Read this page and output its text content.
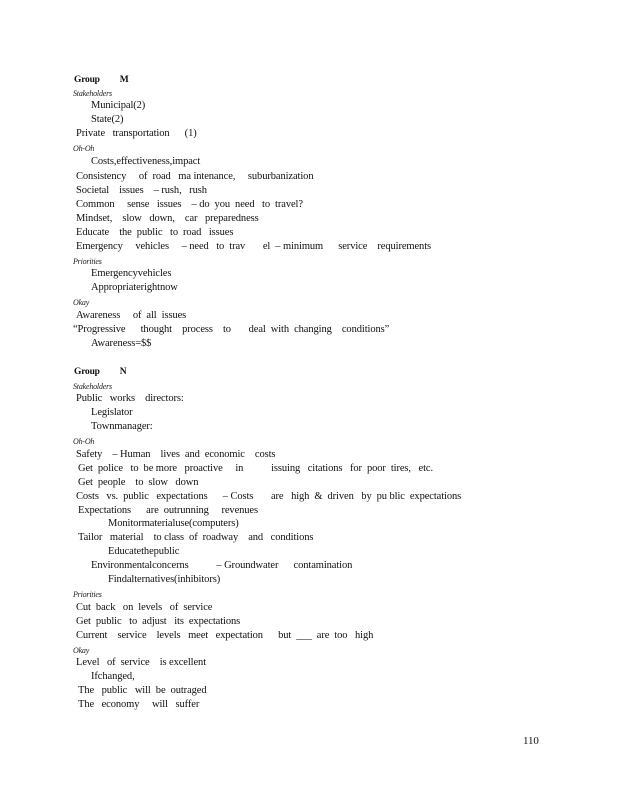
Group M
Stakeholders
Municipal(2)
State(2)
Private   transportation      (1)
Oh-Oh
Costs,effectiveness,impact
Consistency     of  road   ma intenance,     suburbanization
Societal    issues    – rush,   rush
Common     sense   issues    – do  you  need   to  travel?
Mindset,    slow   down,    car   preparedness
Educate    the  public   to  road   issues
Emergency     vehicles     – need   to  trav       el  – minimum      service    requirements
Priorities
Emergencyvehicles
Appropriaterightnow
Okay
Awareness     of  all  issues
“Progressive      thought    process    to       deal  with  changing    conditions”
Awareness=$$
Group N
Stakeholders
Public   works    directors:
Legislator
Townmanager:
Oh-Oh
Safety    – Human    lives  and  economic    costs
Get  police   to  be more   proactive     in           issuing   citations   for  poor  tires,   etc.
Get  people    to  slow   down
Costs   vs.  public   expectations      – Costs       are   high  &  driven   by  pu blic  expectations
Expectations      are  outrunning     revenues
Monitormaterialuse(computers)
Tailor   material    to class  of  roadway    and   conditions
Educatethepublic
Environmentalconcerns           – Groundwater      contamination
Findalternatives(inhibitors)
Priorities
Cut  back   on  levels   of  service
Get  public   to  adjust   its  expectations
Current    service    levels   meet   expectation      but  ___  are  too   high
Okay
Level   of  service    is excellent
Ifchanged,
The   public   will  be  outraged
The   economy     will   suffer
110
